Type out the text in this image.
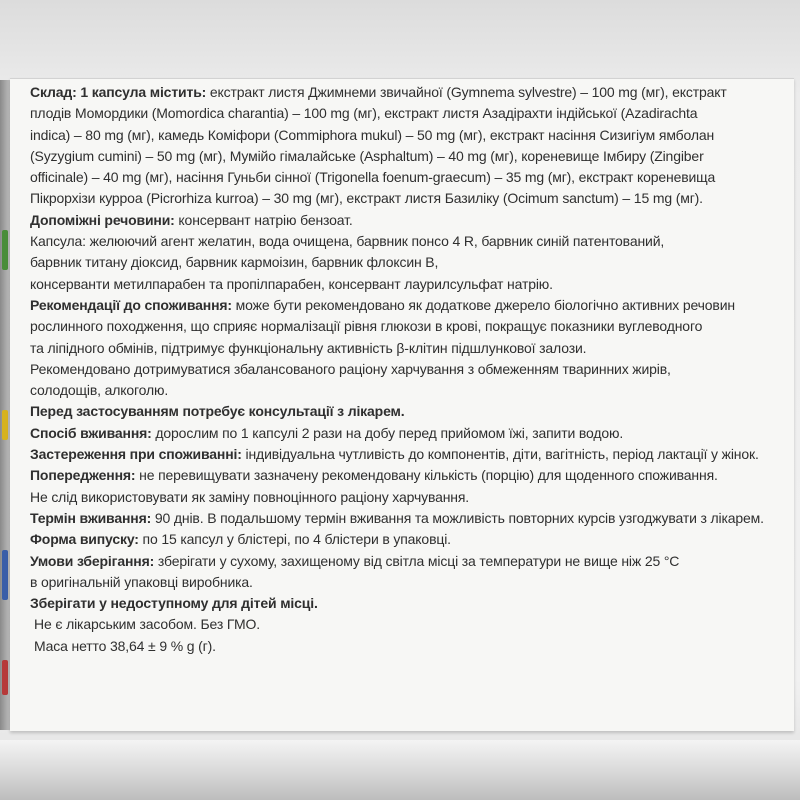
Склад: 1 капсула містить: екстракт листя Джимнеми звичайної (Gymnema sylvestre) – 100 mg (мг), екстракт
плодів Момордики (Momordica charantia) – 100 mg (мг), екстракт листя Азадірахти індійської (Azadirachta
indica) – 80 mg (мг), камедь Коміфори (Commiphora mukul) – 50 mg (мг), екстракт насіння Сизигіум ямболан
(Syzygium cumini) – 50 mg (мг), Мумійо гімалайське (Asphaltum) – 40 mg (мг), кореневище Імбиру (Zingiber
officinale) – 40 mg (мг), насіння Гуньби сінної (Trigonella foenum-graecum) – 35 mg (мг), екстракт кореневища
Пікрорхізи курроа (Picrorhiza kurroa) – 30 mg (мг), екстракт листя Базиліку (Ocimum sanctum) – 15 mg (мг).
Допоміжні речовини: консервант натрію бензоат.
Капсула: желюючий агент желатин, вода очищена, барвник понсо 4 R, барвник синій патентований,
барвник титану діоксид, барвник кармоізин, барвник флоксин B,
консерванти метилпарабен та пропілпарабен, консервант лаурилсульфат натрію.
Рекомендації до споживання: може бути рекомендовано як додаткове джерело біологічно активних речовин
рослинного походження, що сприяє нормалізації рівня глюкози в крові, покращує показники вуглеводного
та ліпідного обмінів, підтримує функціональну активність β-клітин підшлункової залози.
Рекомендовано дотримуватися збалансованого раціону харчування з обмеженням тваринних жирів,
солодощів, алкоголю.
Перед застосуванням потребує консультації з лікарем.
Спосіб вживання: дорослим по 1 капсулі 2 рази на добу перед прийомом їжі, запити водою.
Застереження при споживанні: індивідуальна чутливість до компонентів, діти, вагітність, період лактації у жінок.
Попередження: не перевищувати зазначену рекомендовану кількість (порцію) для щоденного споживання.
Не слід використовувати як заміну повноцінного раціону харчування.
Термін вживання: 90 днів. В подальшому термін вживання та можливість повторних курсів узгоджувати з лікарем.
Форма випуску: по 15 капсул у блістері, по 4 блістери в упаковці.
Умови зберігання: зберігати у сухому, захищеному від світла місці за температури не вище ніж 25 °С
в оригінальній упаковці виробника.
Зберігати у недоступному для дітей місці.
Не є лікарським засобом. Без ГМО.
Маса нетто 38,64 ± 9 % g (г).
